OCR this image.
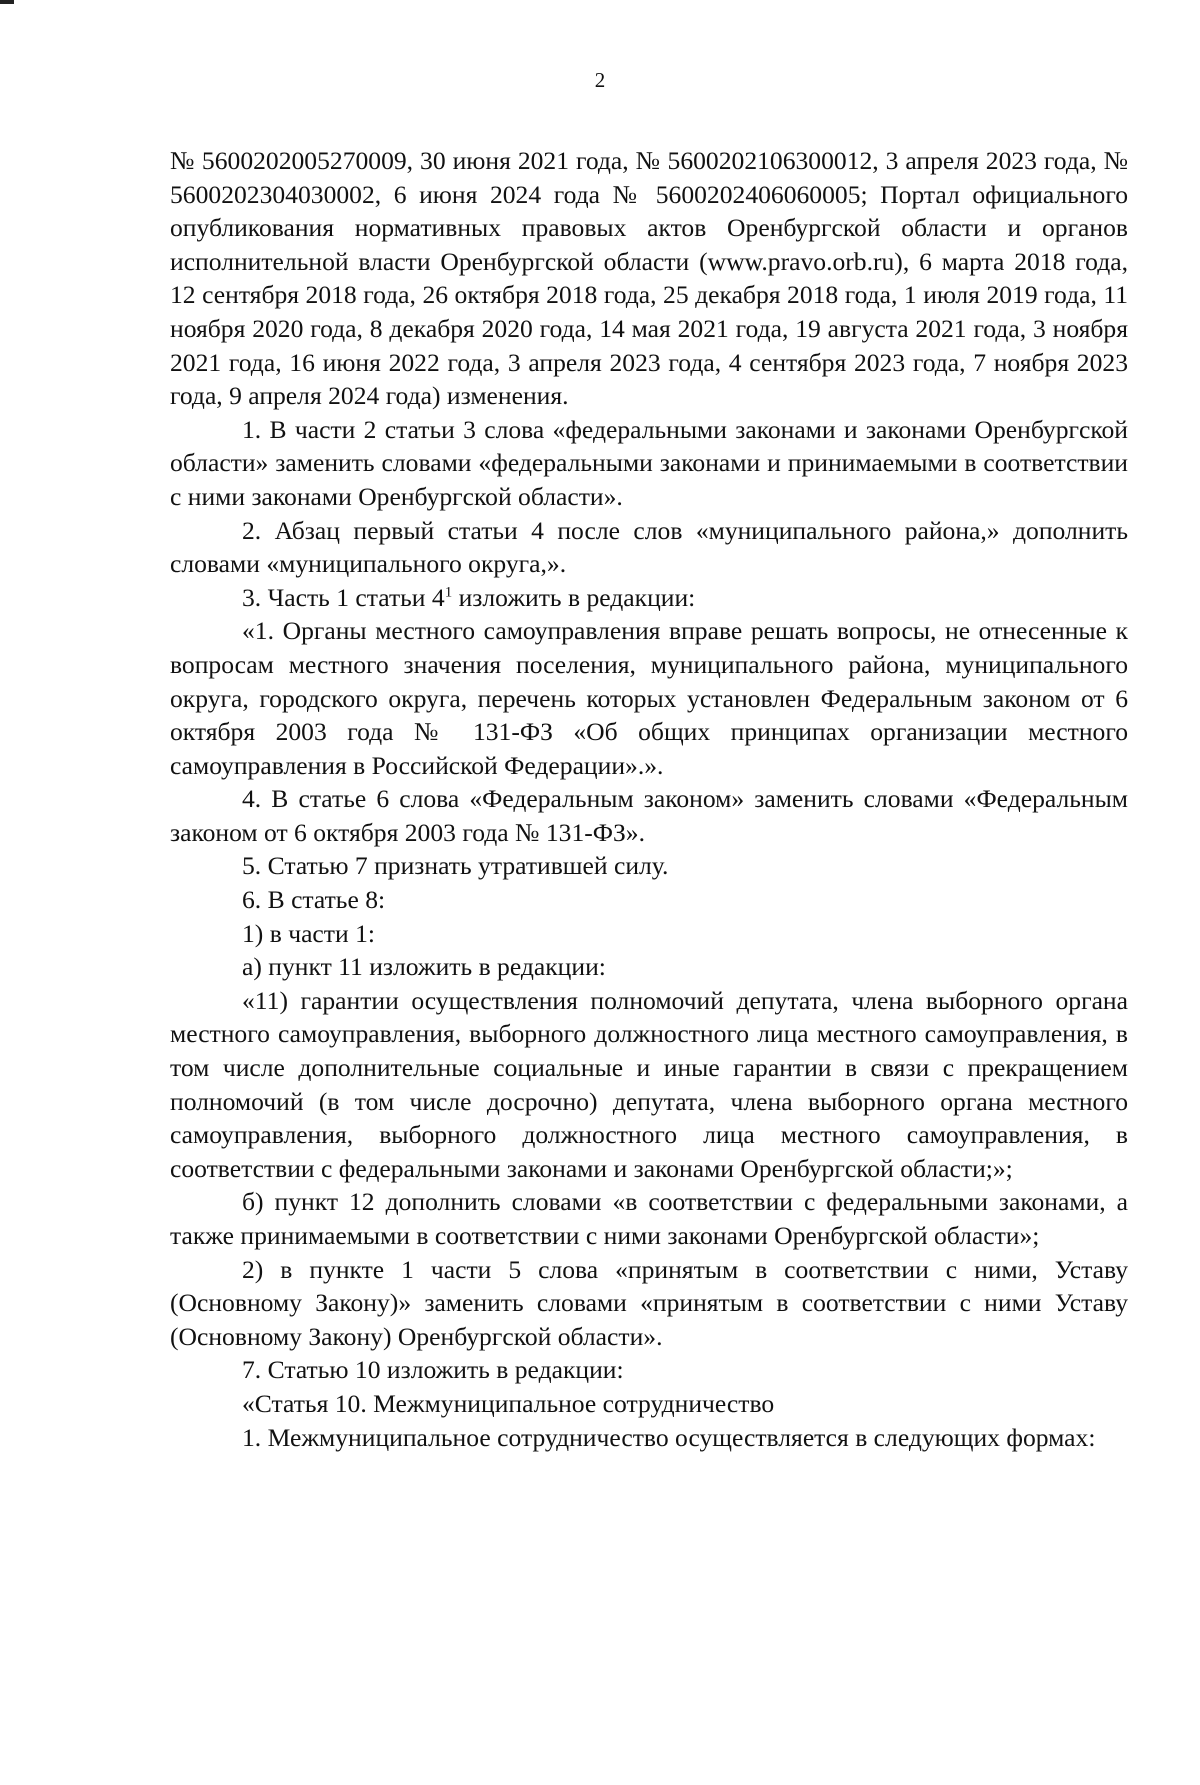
2

№ 5600202005270009, 30 июня 2021 года, № 5600202106300012, 3 апреля 2023 года, № 5600202304030002, 6 июня 2024 года № 5600202406060005; Портал официального опубликования нормативных правовых актов Оренбургской области и органов исполнительной власти Оренбургской области (www.pravo.orb.ru), 6 марта 2018 года, 12 сентября 2018 года, 26 октября 2018 года, 25 декабря 2018 года, 1 июля 2019 года, 11 ноября 2020 года, 8 декабря 2020 года, 14 мая 2021 года, 19 августа 2021 года, 3 ноября 2021 года, 16 июня 2022 года, 3 апреля 2023 года, 4 сентября 2023 года, 7 ноября 2023 года, 9 апреля 2024 года) изменения.

1. В части 2 статьи 3 слова «федеральными законами и законами Оренбургской области» заменить словами «федеральными законами и принимаемыми в соответствии с ними законами Оренбургской области».

2. Абзац первый статьи 4 после слов «муниципального района,» дополнить словами «муниципального округа,».

3. Часть 1 статьи $4^1$ изложить в редакции:

«1. Органы местного самоуправления вправе решать вопросы, не отнесенные к вопросам местного значения поселения, муниципального района, муниципального округа, городского округа, перечень которых установлен Федеральным законом от 6 октября 2003 года № 131-ФЗ «Об общих принципах организации местного самоуправления в Российской Федерации».».

4. В статье 6 слова «Федеральным законом» заменить словами «Федеральным законом от 6 октября 2003 года № 131-ФЗ».

5. Статью 7 признать утратившей силу.

6. В статье 8:

1) в части 1:

а) пункт 11 изложить в редакции:

«11) гарантии осуществления полномочий депутата, члена выборного органа местного самоуправления, выборного должностного лица местного самоуправления, в том числе дополнительные социальные и иные гарантии в связи с прекращением полномочий (в том числе досрочно) депутата, члена выборного органа местного самоуправления, выборного должностного лица местного самоуправления, в соответствии с федеральными законами и законами Оренбургской области;»;

б) пункт 12 дополнить словами «в соответствии с федеральными законами, а также принимаемыми в соответствии с ними законами Оренбургской области»;

2) в пункте 1 части 5 слова «принятым в соответствии с ними, Уставу (Основному Закону)» заменить словами «принятым в соответствии с ними Уставу (Основному Закону) Оренбургской области».

7. Статью 10 изложить в редакции:

«Статья 10. Межмуниципальное сотрудничество

1. Межмуниципальное сотрудничество осуществляется в следующих формах:
